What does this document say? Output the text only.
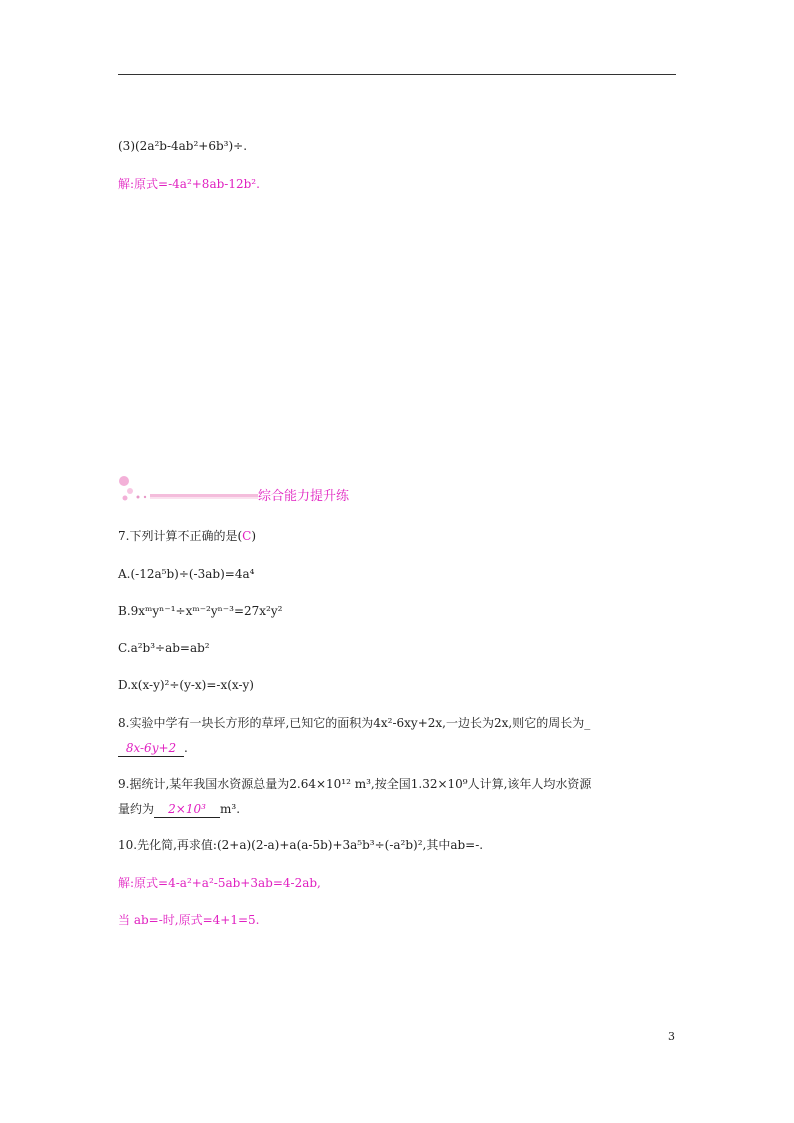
(3)(2a²b-4ab²+6b³)÷.
解:原式=-4a²+8ab-12b².
综合能力提升练
7.下列计算不正确的是(C)
A.(-12a⁵b)÷(-3ab)=4a⁴
B.9xᵐyⁿ⁻¹÷xᵐ⁻²yⁿ⁻³=27x²y²
C.a²b³÷ab=ab²
D.x(x-y)²÷(y-x)=-x(x-y)
8.实验中学有一块长方形的草坪,已知它的面积为4x²-6xy+2x,一边长为2x,则它的周长为_
8x-6y+2 .
9.据统计,某年我国水资源总量为2.64×10¹² m³,按全国1.32×10⁹人计算,该年人均水资源
量约为 2×10³ m³.
10.先化简,再求值:(2+a)(2-a)+a(a-5b)+3a⁵b³÷(-a²b)²,其中ab=-.
解:原式=4-a²+a²-5ab+3ab=4-2ab,
当 ab=-时,原式=4+1=5.
3
